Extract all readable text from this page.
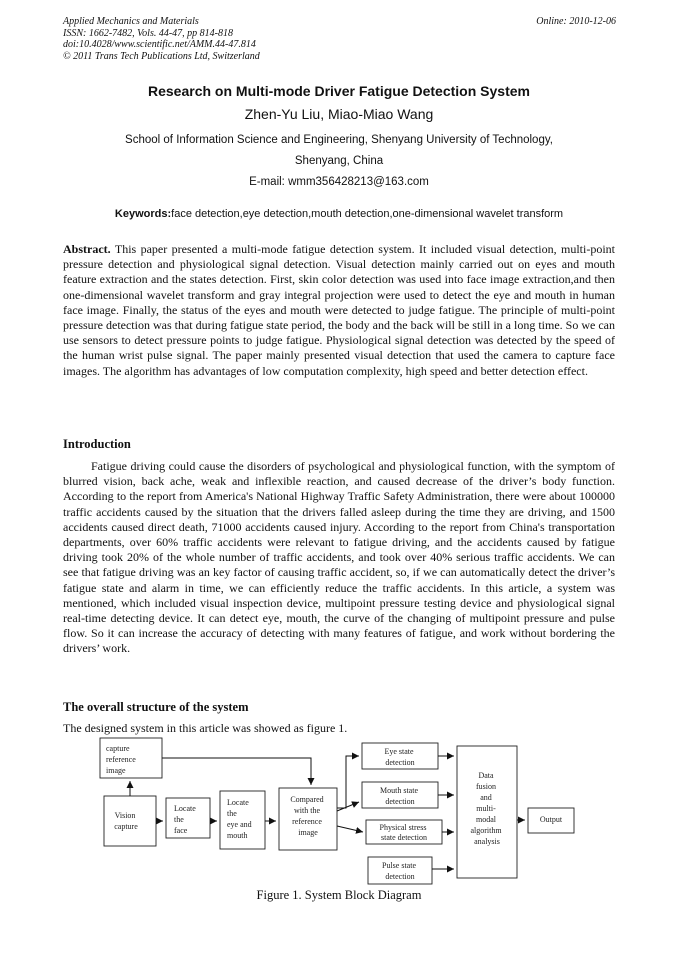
Applied Mechanics and Materials
ISSN: 1662-7482, Vols. 44-47, pp 814-818
doi:10.4028/www.scientific.net/AMM.44-47.814
© 2011 Trans Tech Publications Ltd, Switzerland
Online: 2010-12-06
Research on Multi-mode Driver Fatigue Detection System
Zhen-Yu Liu, Miao-Miao Wang
School of Information Science and Engineering, Shenyang University of Technology,
Shenyang, China
E-mail: wmm356428213@163.com
Keywords:face detection,eye detection,mouth detection,one-dimensional wavelet transform

Abstract. This paper presented a multi-mode fatigue detection system. It included visual detection, multi-point pressure detection and physiological signal detection. Visual detection mainly carried out on eyes and mouth feature extraction and the states detection. First, skin color detection was used into face image extraction,and then one-dimensional wavelet transform and gray integral projection were used to detect the eye and mouth in human face image. Finally, the status of the eyes and mouth were detected to judge fatigue. The principle of multi-point pressure detection was that during fatigue state period, the body and the back will be still in a long time. So we can use sensors to detect pressure points to judge fatigue. Physiological signal detection was detected by the speed of the human wrist pulse signal. The paper mainly presented visual detection that used the camera to capture face images. The algorithm has advantages of low computation complexity, high speed and better detection effect.

Introduction

Fatigue driving could cause the disorders of psychological and physiological function, with the symptom of blurred vision, back ache, weak and inflexible reaction, and caused decrease of the driver’s body function. According to the report from America's National Highway Traffic Safety Administration, there were about 100000 traffic accidents caused by the situation that the drivers falled asleep during the time they are driving, and 1500 accidents caused direct death, 71000 accidents caused injury. According to the report from China's transportation departments, over 60% traffic accidents were relevant to fatigue driving, and the accidents caused by fatigue driving took 20% of the whole number of traffic accidents, and took over 40% serious traffic accidents. We can see that fatigue driving was an key factor of causing traffic accident, so, if we can automatically detect the driver’s fatigue state and alarm in time, we can efficiently reduce the traffic accidents. In this article, a system was mentioned, which included visual inspection device, multipoint pressure testing device and physiological signal real-time detecting device. It can detect eye, mouth, the curve of the changing of multipoint pressure and pulse flow. So it can increase the accuracy of detecting with many features of fatigue, and work without bordering the drivers’ work.

The overall structure of the system

The designed system in this article was showed as figure 1.

capture reference image
Vision capture
Locate the face
Locate the eye and mouth
Compared with the reference image
Eye state detection
Mouth state detection
Physical stress state detection
Pulse state detection
Data fusion and multi- modal algorithm analysis
Output
Figure 1. System Block Diagram
